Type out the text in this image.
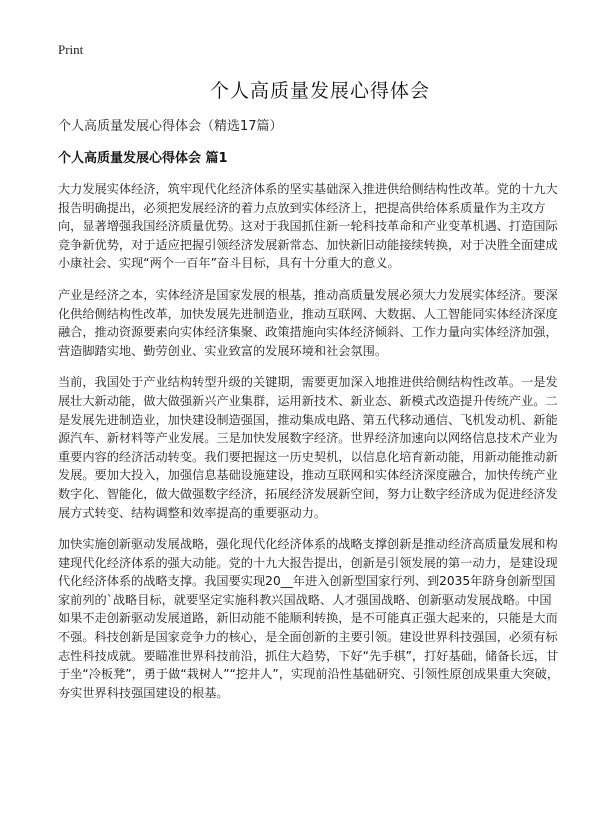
Print
个人高质量发展心得体会
个人高质量发展心得体会（精选17篇）
个人高质量发展心得体会 篇1

大力发展实体经济，筑牢现代化经济体系的坚实基础深入推进供给侧结构性改革。党的十九大报告明确提出，必须把发展经济的着力点放到实体经济上，把提高供给体系质量作为主攻方向，显著增强我国经济质量优势。这对于我国抓住新一轮科技革命和产业变革机遇、打造国际竞争新优势，对于适应把握引领经济发展新常态、加快新旧动能接续转换，对于决胜全面建成小康社会、实现“两个一百年”奋斗目标，具有十分重大的意义。

产业是经济之本，实体经济是国家发展的根基，推动高质量发展必须大力发展实体经济。要深化供给侧结构性改革，加快发展先进制造业，推动互联网、大数据、人工智能同实体经济深度融合，推动资源要素向实体经济集聚、政策措施向实体经济倾斜、工作力量向实体经济加强，营造脚踏实地、勤劳创业、实业致富的发展环境和社会氛围。

当前，我国处于产业结构转型升级的关键期，需要更加深入地推进供给侧结构性改革。一是发展壮大新动能，做大做强新兴产业集群，运用新技术、新业态、新模式改造提升传统产业。二是发展先进制造业，加快建设制造强国，推动集成电路、第五代移动通信、飞机发动机、新能源汽车、新材料等产业发展。三是加快发展数字经济。世界经济加速向以网络信息技术产业为重要内容的经济活动转变。我们要把握这一历史契机，以信息化培育新动能，用新动能推动新发展。要加大投入，加强信息基础设施建设，推动互联网和实体经济深度融合，加快传统产业数字化、智能化，做大做强数字经济，拓展经济发展新空间，努力让数字经济成为促进经济发展方式转变、结构调整和效率提高的重要驱动力。

加快实施创新驱动发展战略，强化现代化经济体系的战略支撑创新是推动经济高质量发展和构建现代化经济体系的强大动能。党的十九大报告提出，创新是引领发展的第一动力，是建设现代化经济体系的战略支撑。我国要实现20__年进入创新型国家行列、到2035年跻身创新型国家前列的`战略目标，就要坚定实施科教兴国战略、人才强国战略、创新驱动发展战略。中国如果不走创新驱动发展道路，新旧动能不能顺利转换，是不可能真正强大起来的，只能是大而不强。科技创新是国家竞争力的核心，是全面创新的主要引领。建设世界科技强国，必须有标志性科技成就。要瞄准世界科技前沿，抓住大趋势，下好“先手棋”，打好基础，储备长远，甘于坐“冷板凳”，勇于做“栽树人”“挖井人”，实现前沿性基础研究、引领性原创成果重大突破，夯实世界科技强国建设的根基。
